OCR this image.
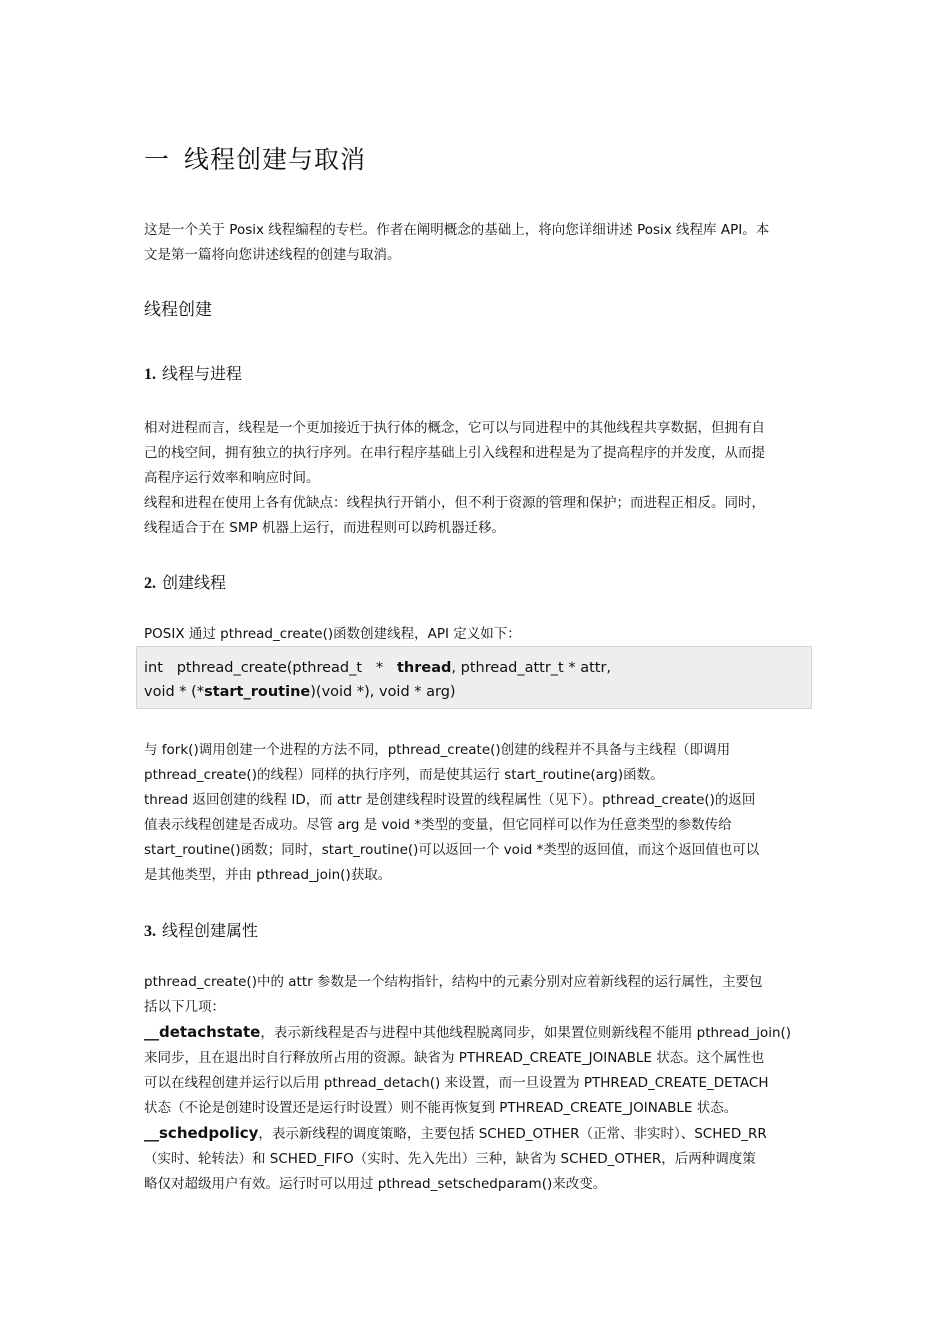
一 线程创建与取消

这是一个关于 Posix 线程编程的专栏。作者在阐明概念的基础上，将向您详细讲述 Posix 线程库 API。本
文是第一篇将向您讲述线程的创建与取消。

线程创建
1. 线程与进程

相对进程而言，线程是一个更加接近于执行体的概念，它可以与同进程中的其他线程共享数据，但拥有自
己的栈空间，拥有独立的执行序列。在串行程序基础上引入线程和进程是为了提高程序的并发度，从而提
高程序运行效率和响应时间。
线程和进程在使用上各有优缺点：线程执行开销小，但不利于资源的管理和保护；而进程正相反。同时，
线程适合于在 SMP 机器上运行，而进程则可以跨机器迁移。

2. 创建线程

POSIX 通过 pthread_create()函数创建线程，API 定义如下：

int   pthread_create(pthread_t   *   thread, pthread_attr_t * attr,
void * (*start_routine)(void *), void * arg)

与 fork()调用创建一个进程的方法不同，pthread_create()创建的线程并不具备与主线程（即调用
pthread_create()的线程）同样的执行序列，而是使其运行 start_routine(arg)函数。
thread 返回创建的线程 ID，而 attr 是创建线程时设置的线程属性（见下）。pthread_create()的返回
值表示线程创建是否成功。尽管 arg 是 void *类型的变量，但它同样可以作为任意类型的参数传给
start_routine()函数；同时，start_routine()可以返回一个 void *类型的返回值，而这个返回值也可以
是其他类型，并由 pthread_join()获取。

3. 线程创建属性

pthread_create()中的 attr 参数是一个结构指针，结构中的元素分别对应着新线程的运行属性，主要包
括以下几项：
__detachstate，表示新线程是否与进程中其他线程脱离同步，如果置位则新线程不能用 pthread_join()
来同步，且在退出时自行释放所占用的资源。缺省为 PTHREAD_CREATE_JOINABLE 状态。这个属性也
可以在线程创建并运行以后用 pthread_detach() 来设置，而一旦设置为 PTHREAD_CREATE_DETACH
状态（不论是创建时设置还是运行时设置）则不能再恢复到 PTHREAD_CREATE_JOINABLE 状态。
__schedpolicy，表示新线程的调度策略，主要包括 SCHED_OTHER（正常、非实时）、SCHED_RR
（实时、轮转法）和 SCHED_FIFO（实时、先入先出）三种，缺省为 SCHED_OTHER，后两种调度策
略仅对超级用户有效。运行时可以用过 pthread_setschedparam()来改变。
